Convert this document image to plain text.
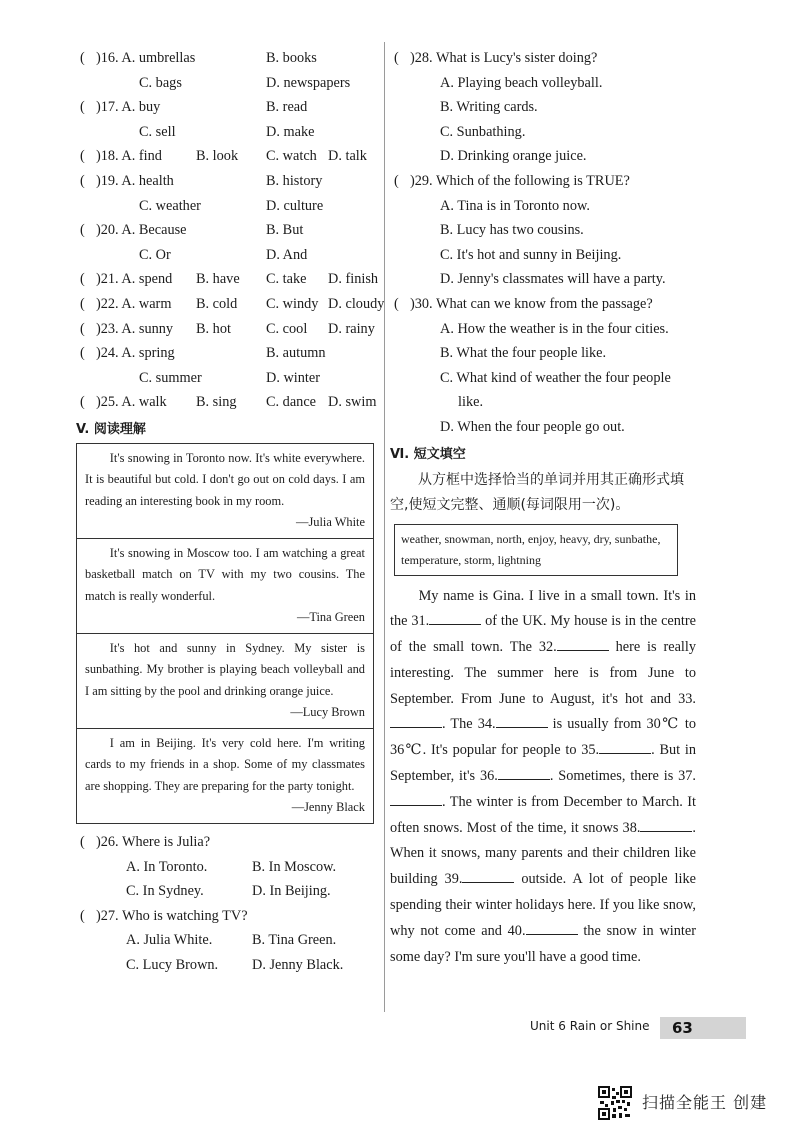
( )16. A. umbrellas	B. books
C. bags	D. newspapers
( )17. A. buy	B. read
C. sell	D. make
( )18. A. find B. look C. watch D. talk
( )19. A. health	B. history
C. weather	D. culture
( )20. A. Because	B. But
C. Or	D. And
( )21. A. spend B. have C. take D. finish
( )22. A. warm B. cold C. windy D. cloudy
( )23. A. sunny B. hot C. cool D. rainy
( )24. A. spring	B. autumn
C. summer	D. winter
( )25. A. walk B. sing C. dance D. swim
V. 阅读理解

It's snowing in Toronto now. It's white everywhere. It is beautiful but cold. I don't go out on cold days. I am reading an interesting book in my room.

—Julia White

It's snowing in Moscow too. I am watching a great basketball match on TV with my two cousins. The match is really wonderful.

—Tina Green

It's hot and sunny in Sydney. My sister is sunbathing. My brother is playing beach volleyball and I am sitting by the pool and drinking orange juice.

—Lucy Brown

I am in Beijing. It's very cold here. I'm writing cards to my friends in a shop. Some of my classmates are shopping. They are preparing for the party tonight.

—Jenny Black
( )26. Where is Julia?
A. In Toronto.	B. In Moscow.
C. In Sydney.	D. In Beijing.
( )27. Who is watching TV?
A. Julia White.	B. Tina Green.
C. Lucy Brown. D. Jenny Black.
( )28. What is Lucy's sister doing?
A. Playing beach volleyball.
B. Writing cards.
C. Sunbathing.
D. Drinking orange juice.
( )29. Which of the following is TRUE?
A. Tina is in Toronto now.
B. Lucy has two cousins.
C. It's hot and sunny in Beijing.
D. Jenny's classmates will have a party.
( )30. What can we know from the passage?
A. How the weather is in the four cities.
B. What the four people like.
C. What kind of weather the four people
like.
D. When the four people go out.
Ⅵ. 短文填空

从方框中选择恰当的单词并用其正确形式填空,使短文完整、通顺(每词限用一次)。

weather, snowman, north, enjoy, heavy, dry, sunbathe, temperature, storm, lightning

My name is Gina. I live in a small town. It's in the 31.	of the UK. My house is in the centre of the small town. The 32.	here is really interesting. The summer here is from June to September. From June to August, it's hot and 33.. The 34.	is usually from 30℃ to 36℃. It's popular for people to 35.	. But in September, it's 36.	. Sometimes, there is 37.. The winter is from December to March. It often snows. Most of the time, it snows 38.	. When it snows, many parents and their children like building 39.	outside. A lot of people like spending their winter holidays here. If you like snow, why not come and 40.	the snow in winter some day? I'm sure you'll have a good time.

Unit 6 Rain or Shine 63
扫描全能王 创建
